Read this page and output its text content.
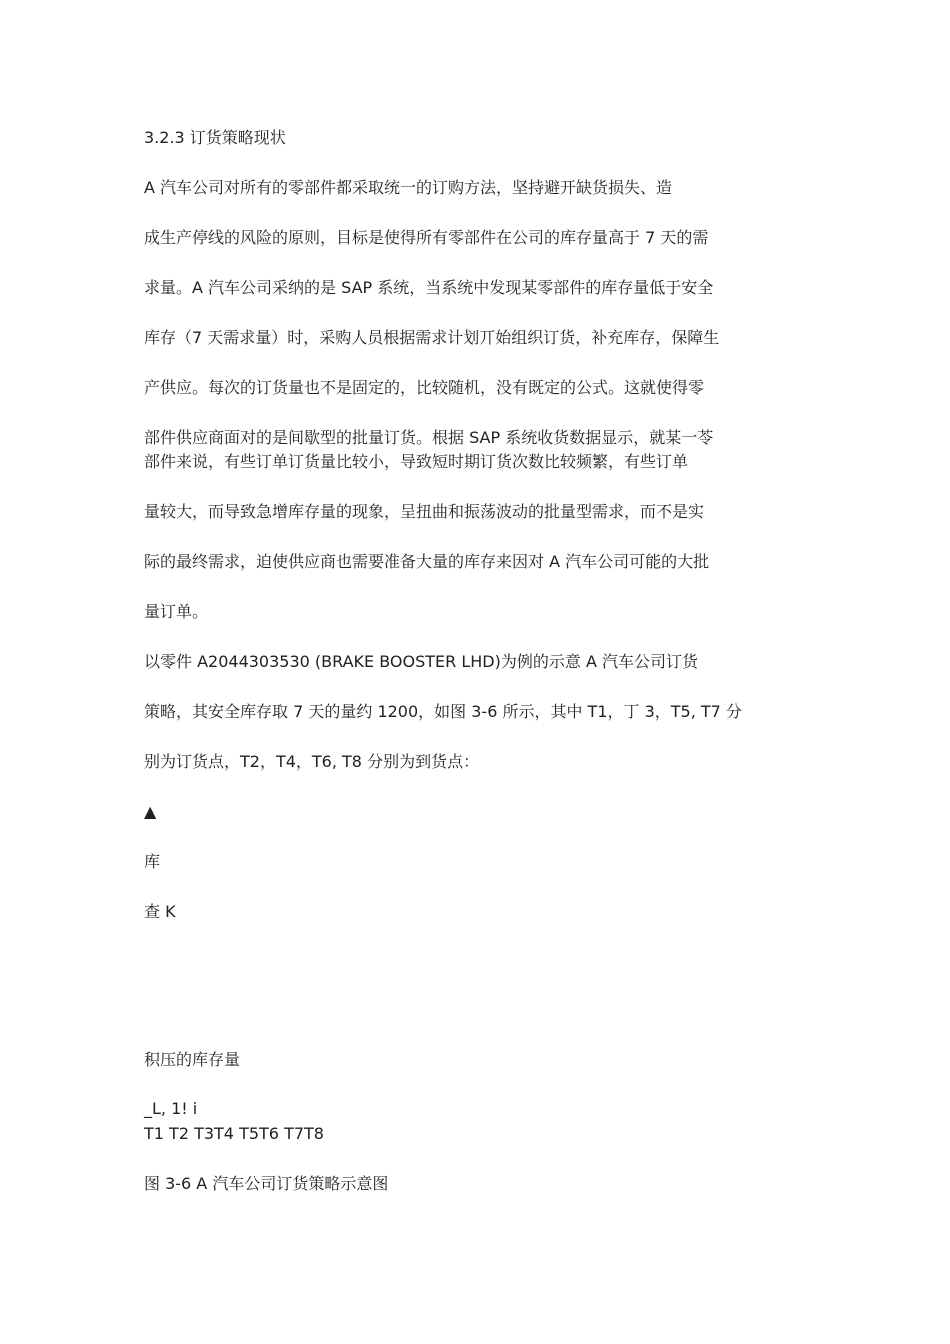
3.2.3 订货策略现状
A 汽车公司对所有的零部件都采取统一的订购方法，坚持避开缺货损失、造
成生产停线的风险的原则，目标是使得所有零部件在公司的库存量高于 7 天的需
求量。A 汽车公司采纳的是 SAP 系统，当系统中发现某零部件的库存量低于安全
库存（7 天需求量）时，采购人员根据需求计划丌始组织订货，补充库存，保障生
产供应。每次的订货量也不是固定的，比较随机，没有既定的公式。这就使得零
部件供应商面对的是间歇型的批量订货。根据 SAP 系统收货数据显示，就某一苓
部件来说，有些订单订货量比较小，导致短时期订货次数比较频繁，有些订单
量较大，而导致急增库存量的现象，呈扭曲和振荡波动的批量型需求，而不是实
际的最终需求，迫使供应商也需要准备大量的库存来因对 A 汽车公司可能的大批
量订单。
以零件 A2044303530 (BRAKE BOOSTER LHD)为例的示意 A 汽车公司订货
策略，其安全库存取 7 天的量约 1200，如图 3-6 所示，其中 T1，丁 3，T5, T7 分
别为订货点，T2，T4，T6, T8 分别为到货点：
▲
库
查 K
积压的库存量
_L, 1! i
T1 T2 T3T4 T5T6 T7T8
图 3-6 A 汽车公司订货策略示意图
